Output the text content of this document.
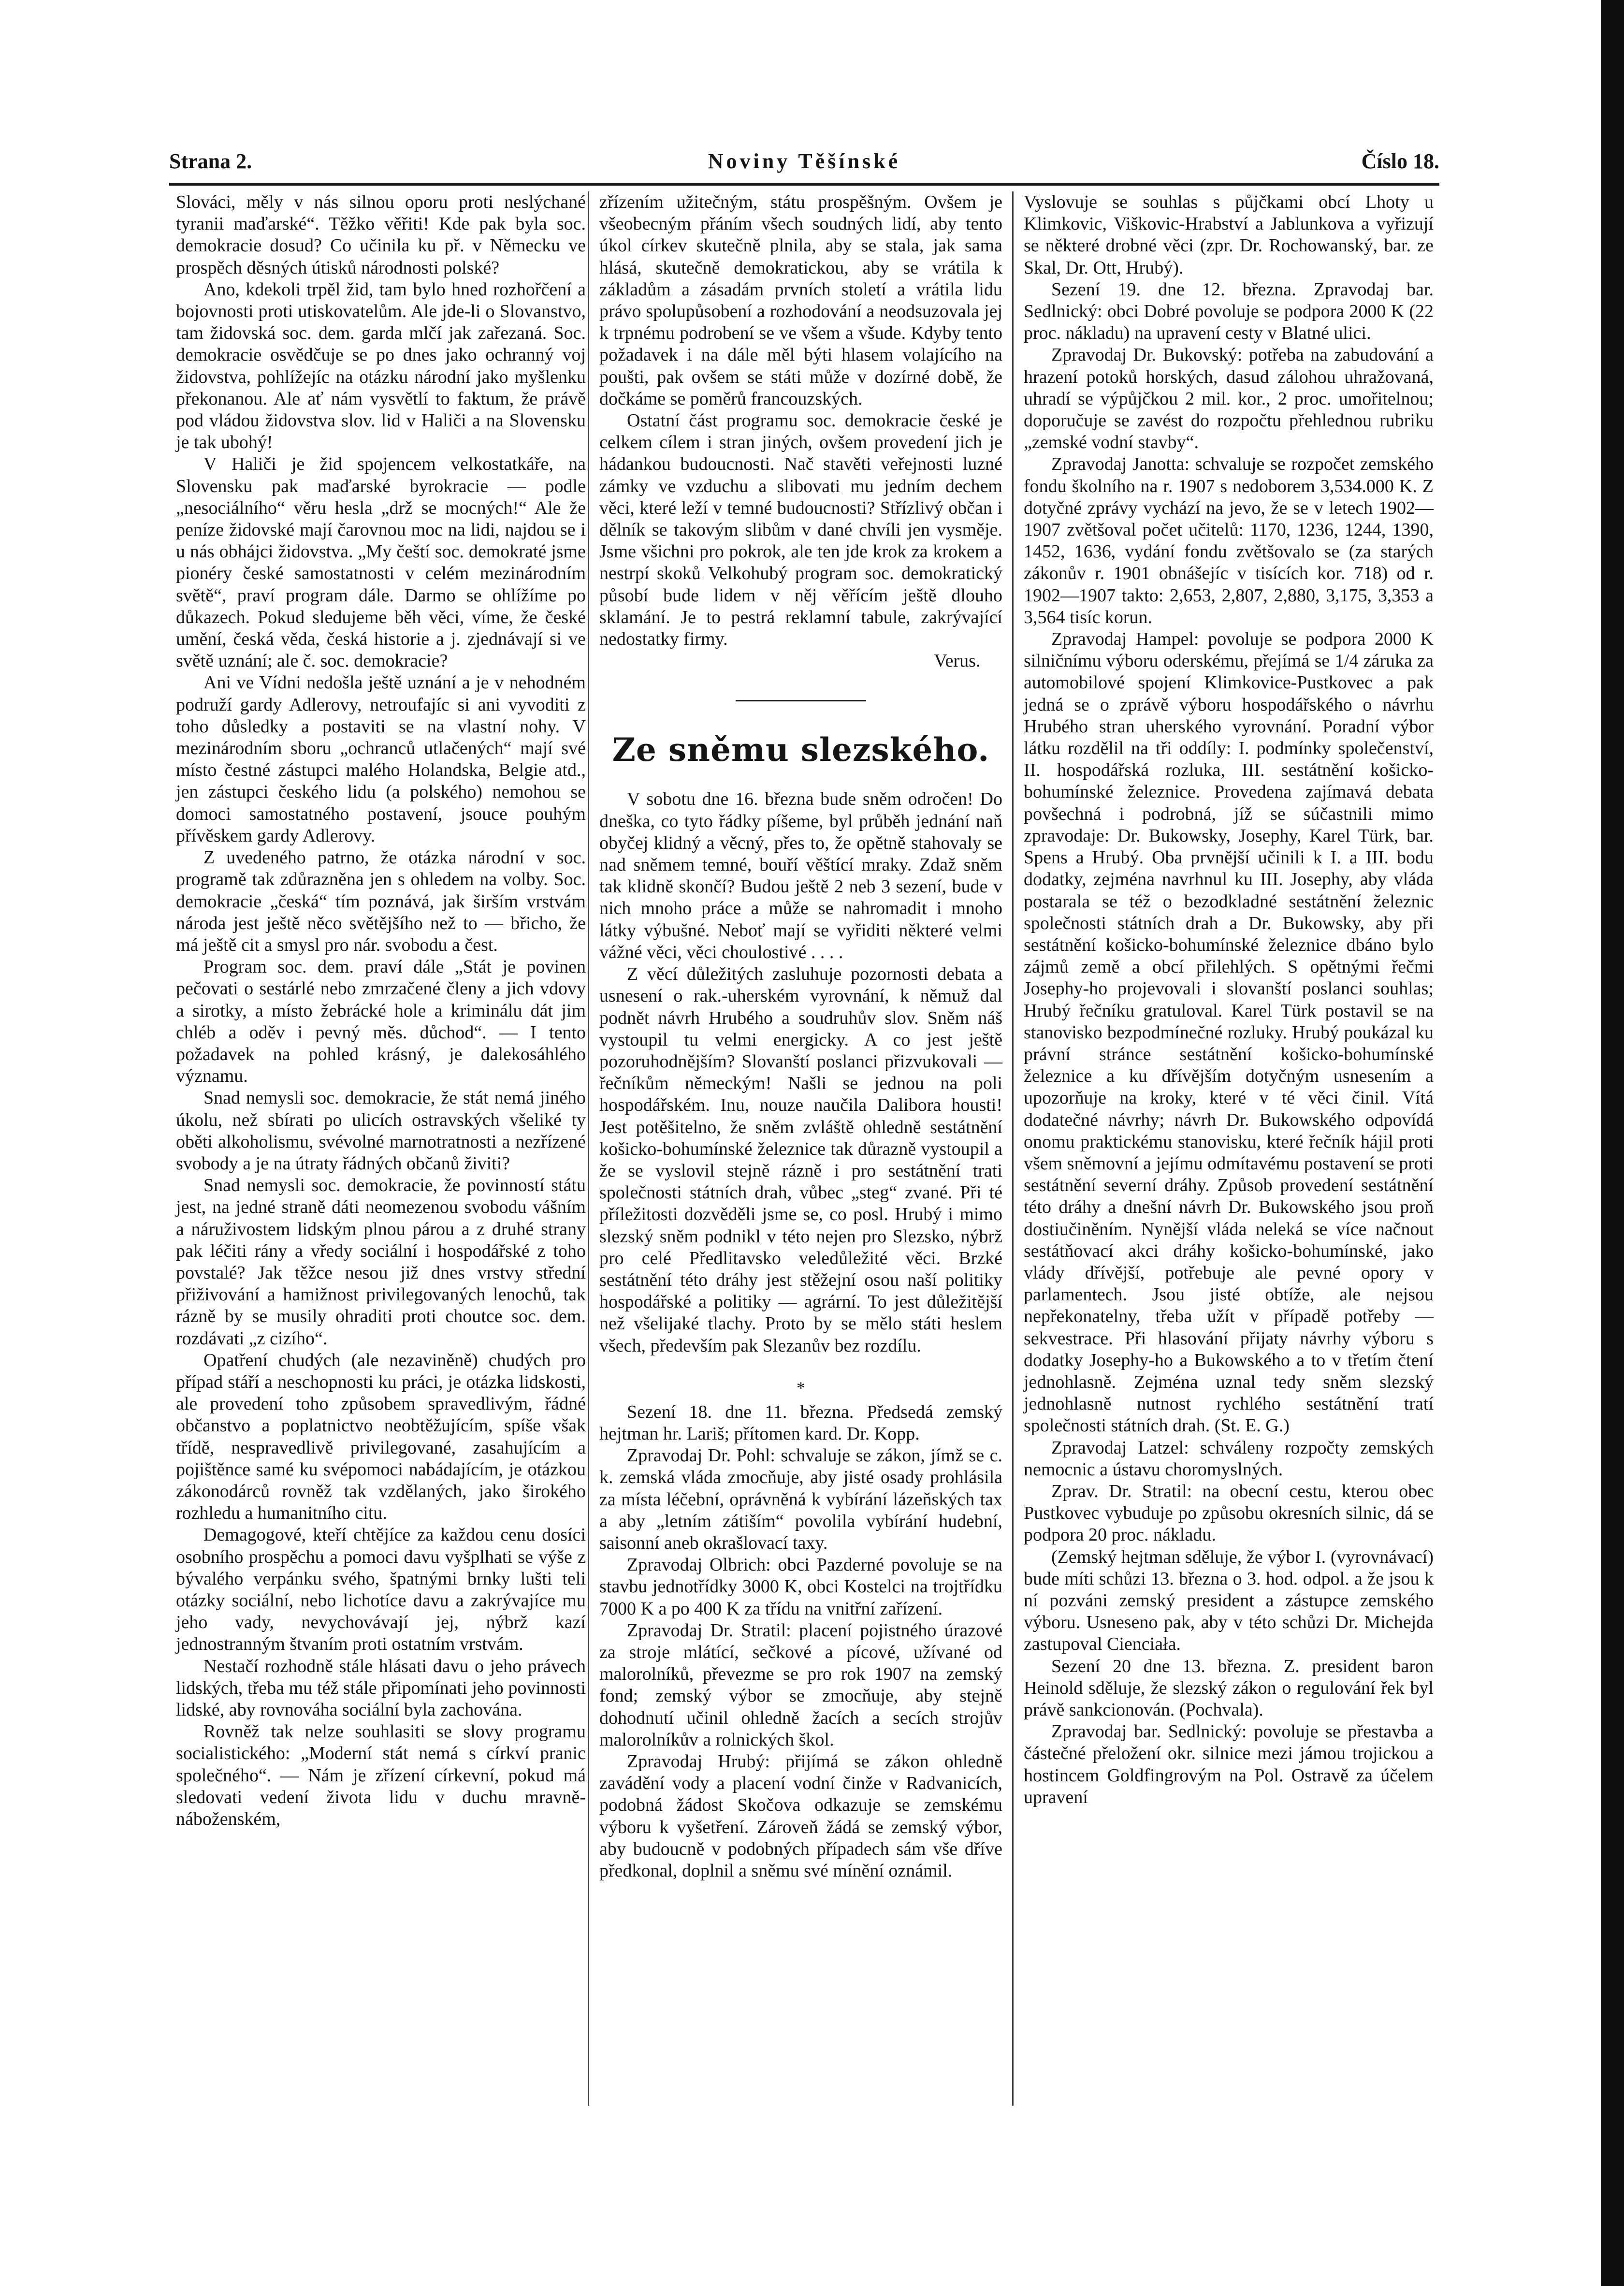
Strana 2.	Noviny Těšínské	Číslo 18.

Slováci, měly v nás silnou oporu proti neslýchané tyranii maďarské“. Těžko věřiti! Kde pak byla soc. demokracie dosud? Co učinila ku př. v Německu ve prospěch děsných útisků národnosti polské?

Ano, kdekoli trpěl žid, tam bylo hned rozhořčení a bojovnosti proti utiskovatelům. Ale jde-li o Slovanstvo, tam židovská soc. dem. garda mlčí jak zařezaná. Soc. demokracie osvědčuje se po dnes jako ochranný voj židovstva, pohlížejíc na otázku národní jako myšlenku překonanou. Ale ať nám vysvětlí to faktum, že právě pod vládou židovstva slov. lid v Haliči a na Slovensku je tak ubohý!

V Haliči je žid spojencem velkostatkáře, na Slovensku pak maďarské byrokracie — podle „nesociálního“ věru hesla „drž se mocných!“ Ale že peníze židovské mají čarovnou moc na lidi, najdou se i u nás obhájci židovstva. „My čeští soc. demokraté jsme pionéry české samostatnosti v celém mezinárodním světě“, praví program dále. Darmo se ohlížíme po důkazech. Pokud sledujeme běh věci, víme, že české umění, česká věda, česká historie a j. zjednávají si ve světě uznání; ale č. soc. demokracie?

Ani ve Vídni nedošla ještě uznání a je v nehodném podruží gardy Adlerovy, netroufajíc si ani vyvoditi z toho důsledky a postaviti se na vlastní nohy. V mezinárodním sboru „ochranců utlačených“ mají své místo čestné zástupci malého Holandska, Belgie atd., jen zástupci českého lidu (a polského) nemohou se domoci samostatného postavení, jsouce pouhým přívěskem gardy Adlerovy.

Z uvedeného patrno, že otázka národní v soc. programě tak zdůrazněna jen s ohledem na volby. Soc. demokracie „česká“ tím poznává, jak širším vrstvám národa jest ještě něco světějšího než to — břicho, že má ještě cit a smysl pro nár. svobodu a čest.

Program soc. dem. praví dále „Stát je povinen pečovati o sestárlé nebo zmrzačené členy a jich vdovy a sirotky, a místo žebrácké hole a kriminálu dát jim chléb a oděv i pevný měs. důchod“. — I tento požadavek na pohled krásný, je dalekosáhlého významu.

Snad nemysli soc. demokracie, že stát nemá jiného úkolu, než sbírati po ulicích ostravských všeliké ty oběti alkoholismu, svévolné marnotratnosti a nezřízené svobody a je na útraty řádných občanů živiti?

Snad nemysli soc. demokracie, že povinností státu jest, na jedné straně dáti neomezenou svobodu vášním a náruživostem lidským plnou párou a z druhé strany pak léčiti rány a vředy sociální i hospodářské z toho povstalé? Jak těžce nesou již dnes vrstvy střední přiživování a hamižnost privilegovaných lenochů, tak rázně by se musily ohraditi proti choutce soc. dem. rozdávati „z cizího“.

Opatření chudých (ale nezaviněně) chudých pro případ stáří a neschopnosti ku práci, je otázka lidskosti, ale provedení toho způsobem spravedlivým, řádné občanstvo a poplatnictvo neobtěžujícím, spíše však třídě, nespravedlivě privilegované, zasahujícím a pojištěnce samé ku svépomoci nabádajícím, je otázkou zákonodárců rovněž tak vzdělaných, jako širokého rozhledu a humanitního citu.

Demagogové, kteří chtějíce za každou cenu dosíci osobního prospěchu a pomoci davu vyšplhati se výše z bývalého verpánku svého, špatnými brnky lušti teli otázky sociální, nebo lichotíce davu a zakrývajíce mu jeho vady, nevychovávají jej, nýbrž kazí jednostranným štvaním proti ostatním vrstvám.

Nestačí rozhodně stále hlásati davu o jeho právech lidských, třeba mu též stále připomínati jeho povinnosti lidské, aby rovnováha sociální byla zachována.

Rovněž tak nelze souhlasiti se slovy programu socialistického: „Moderní stát nemá s církví pranic společného“. — Nám je zřízení církevní, pokud má sledovati vedení života lidu v duchu mravně-náboženském,

zřízením užitečným, státu prospěšným. Ovšem je všeobecným přáním všech soudných lidí, aby tento úkol církev skutečně plnila, aby se stala, jak sama hlásá, skutečně demokratickou, aby se vrátila k základům a zásadám prvních století a vrátila lidu právo spolupůsobení a rozhodování a neodsuzovala jej k trpnému podrobení se ve všem a všude. Kdyby tento požadavek i na dále měl býti hlasem volajícího na poušti, pak ovšem se státi může v dozírné době, že dočkáme se poměrů francouzských.

Ostatní část programu soc. demokracie české je celkem cílem i stran jiných, ovšem provedení jich je hádankou budoucnosti. Nač stavěti veřejnosti luzné zámky ve vzduchu a slibovati mu jedním dechem věci, které leží v temné budoucnosti? Střízlivý občan i dělník se takovým slibům v dané chvíli jen vysměje. Jsme všichni pro pokrok, ale ten jde krok za krokem a nestrpí skoků Velkohubý program soc. demokratický působí bude lidem v něj věřícím ještě dlouho sklamání. Je to pestrá reklamní tabule, zakrývající nedostatky firmy.

Verus.
Ze sněmu slezského.

V sobotu dne 16. března bude sněm odročen! Do dneška, co tyto řádky píšeme, byl průběh jednání naň obyčej klidný a věcný, přes to, že opětně stahovaly se nad sněmem temné, bouří věštící mraky. Zdaž sněm tak klidně skončí? Budou ještě 2 neb 3 sezení, bude v nich mnoho práce a může se nahromadit i mnoho látky výbušné. Neboť mají se vyřiditi některé velmi vážné věci, věci choulostivé . . . .

Z věcí důležitých zasluhuje pozornosti debata a usnesení o rak.-uherském vyrovnání, k němuž dal podnět návrh Hrubého a soudruhův slov. Sněm náš vystoupil tu velmi energicky. A co jest ještě pozoruhodnějším? Slovanští poslanci přizvukovali — řečníkům německým! Našli se jednou na poli hospodářském. Inu, nouze naučila Dalibora housti! Jest potěšitelno, že sněm zvláště ohledně sestátnění košicko-bohumínské železnice tak důrazně vystoupil a že se vyslovil stejně rázně i pro sestátnění trati společnosti státních drah, vůbec „steg“ zvané. Při té příležitosti dozvěděli jsme se, co posl. Hrubý i mimo slezský sněm podnikl v této nejen pro Slezsko, nýbrž pro celé Předlitavsko veledůležité věci. Brzké sestátnění této dráhy jest stěžejní osou naší politiky hospodářské a politiky — agrární. To jest důležitější než všelijaké tlachy. Proto by se mělo státi heslem všech, především pak Slezanův bez rozdílu.

*

Sezení 18. dne 11. března. Předsedá zemský hejtman hr. Lariš; přítomen kard. Dr. Kopp.

Zpravodaj Dr. Pohl: schvaluje se zákon, jímž se c. k. zemská vláda zmocňuje, aby jisté osady prohlásila za místa léčební, oprávněná k vybírání lázeňských tax a aby „letním zátiším“ povolila vybírání hudební, saisonní aneb okrašlovací taxy.

Zpravodaj Olbrich: obci Pazderné povoluje se na stavbu jednotřídky 3000 K, obci Kostelci na trojtřídku 7000 K a po 400 K za třídu na vnitřní zařízení.

Zpravodaj Dr. Stratil: placení pojistného úrazové za stroje mlátící, sečkové a pícové, užívané od malorolníků, převezme se pro rok 1907 na zemský fond; zemský výbor se zmocňuje, aby stejně dohodnutí učinil ohledně žacích a secích strojův malorolníkův a rolnických škol.

Zpravodaj Hrubý: přijímá se zákon ohledně zavádění vody a placení vodní činže v Radvanicích, podobná žádost Skočova odkazuje se zemskému výboru k vyšetření. Zároveň žádá se zemský výbor, aby budoucně v podobných případech sám vše dříve předkonal, doplnil a sněmu své mínění oznámil.

Vyslovuje se souhlas s půjčkami obcí Lhoty u Klimkovic, Viškovic-Hrabství a Jablunkova a vyřizují se některé drobné věci (zpr. Dr. Rochowanský, bar. ze Skal, Dr. Ott, Hrubý).

Sezení 19. dne 12. března. Zpravodaj bar. Sedlnický: obci Dobré povoluje se podpora 2000 K (22 proc. nákladu) na upravení cesty v Blatné ulici.

Zpravodaj Dr. Bukovský: potřeba na zabudování a hrazení potoků horských, dasud zálohou uhražovaná, uhradí se výpůjčkou 2 mil. kor., 2 proc. umořitelnou; doporučuje se zavést do rozpočtu přehlednou rubriku „zemské vodní stavby“.

Zpravodaj Janotta: schvaluje se rozpočet zemského fondu školního na r. 1907 s nedoborem 3,534.000 K. Z dotyčné zprávy vychází na jevo, že se v letech 1902—1907 zvětšoval počet učitelů: 1170, 1236, 1244, 1390, 1452, 1636, vydání fondu zvětšovalo se (za starých zákonův r. 1901 obnášejíc v tisících kor. 718) od r. 1902—1907 takto: 2,653, 2,807, 2,880, 3,175, 3,353 a 3,564 tisíc korun.

Zpravodaj Hampel: povoluje se podpora 2000 K silničnímu výboru oderskému, přejímá se 1/4 záruka za automobilové spojení Klimkovice-Pustkovec a pak jedná se o zprávě výboru hospodářského o návrhu Hrubého stran uherského vyrovnání. Poradní výbor látku rozdělil na tři oddíly: I. podmínky společenství, II. hospodářská rozluka, III. sestátnění košicko-bohumínské železnice. Provedena zajímavá debata povšechná i podrobná, jíž se súčastnili mimo zpravodaje: Dr. Bukowsky, Josephy, Karel Türk, bar. Spens a Hrubý. Oba prvnější učinili k I. a III. bodu dodatky, zejména navrhnul ku III. Josephy, aby vláda postarala se též o bezodkladné sestátnění železnic společnosti státních drah a Dr. Bukowsky, aby při sestátnění košicko-bohumínské železnice dbáno bylo zájmů země a obcí přilehlých. S opětnými řečmi Josephy-ho projevovali i slovanští poslanci souhlas; Hrubý řečníku gratuloval. Karel Türk postavil se na stanovisko bezpodmínečné rozluky. Hrubý poukázal ku právní stránce sestátnění košicko-bohumínské železnice a ku dřívějším dotyčným usnesením a upozorňuje na kroky, které v té věci činil. Vítá dodatečné návrhy; návrh Dr. Bukowského odpovídá onomu praktickému stanovisku, které řečník hájil proti všem sněmovní a jejímu odmítavému postavení se proti sestátnění severní dráhy. Způsob provedení sestátnění této dráhy a dnešní návrh Dr. Bukowského jsou proň dostiučiněním. Nynější vláda neleká se více načnout sestátňovací akci dráhy košicko-bohumínské, jako vlády dřívější, potřebuje ale pevné opory v parlamentech. Jsou jisté obtíže, ale nejsou nepřekonatelny, třeba užít v případě potřeby — sekvestrace. Při hlasování přijaty návrhy výboru s dodatky Josephy-ho a Bukowského a to v třetím čtení jednohlasně. Zejména uznal tedy sněm slezský jednohlasně nutnost rychlého sestátnění tratí společnosti státních drah. (St. E. G.)

Zpravodaj Latzel: schváleny rozpočty zemských nemocnic a ústavu choromyslných.

Zprav. Dr. Stratil: na obecní cestu, kterou obec Pustkovec vybuduje po způsobu okresních silnic, dá se podpora 20 proc. nákladu.

(Zemský hejtman sděluje, že výbor I. (vyrovnávací) bude míti schůzi 13. března o 3. hod. odpol. a že jsou k ní pozváni zemský president a zástupce zemského výboru. Usneseno pak, aby v této schůzi Dr. Michejda zastupoval Cienciała.

Sezení 20 dne 13. března. Z. president baron Heinold sděluje, že slezský zákon o regulování řek byl právě sankcionován. (Pochvala).

Zpravodaj bar. Sedlnický: povoluje se přestavba a částečné přeložení okr. silnice mezi jámou trojickou a hostincem Goldfingrovým na Pol. Ostravě za účelem upravení
